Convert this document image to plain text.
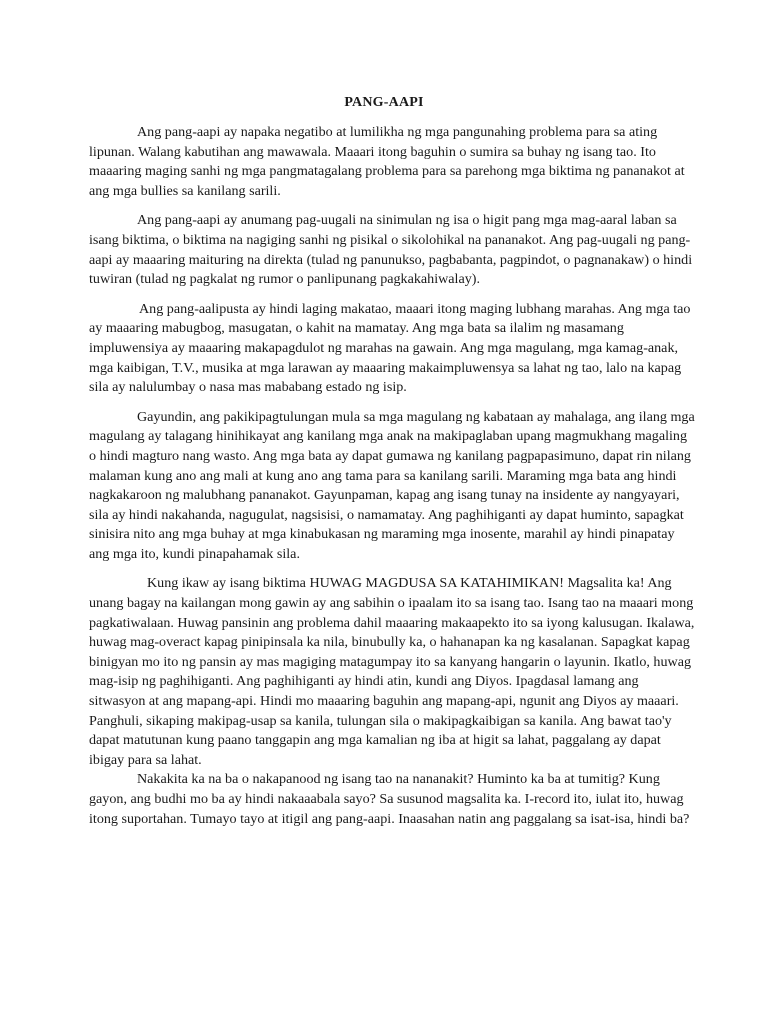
PANG-AAPI

Ang pang-aapi ay napaka negatibo at lumilikha ng mga pangunahing problema para sa ating lipunan. Walang kabutihan ang mawawala. Maaari itong baguhin o sumira sa buhay ng isang tao. Ito maaaring maging sanhi ng mga pangmatagalang problema para sa parehong mga biktima ng pananakot at ang mga bullies sa kanilang sarili.

Ang pang-aapi ay anumang pag-uugali na sinimulan ng isa o higit pang mga mag-aaral laban sa isang biktima, o biktima na nagiging sanhi ng pisikal o sikolohikal na pananakot. Ang pag-uugali ng pang-aapi ay maaaring maituring na direkta (tulad ng panunukso, pagbabanta, pagpindot, o pagnanakaw) o hindi tuwiran (tulad ng pagkalat ng rumor o panlipunang pagkakahiwalay).

Ang pang-aalipusta ay hindi laging makatao, maaari itong maging lubhang marahas. Ang mga tao ay maaaring mabugbog, masugatan, o kahit na mamatay. Ang mga bata sa ilalim ng masamang impluwensiya ay maaaring makapagdulot ng marahas na gawain. Ang mga magulang, mga kamag-anak, mga kaibigan, T.V., musika at mga larawan ay maaaring makaimpluwensya sa lahat ng tao, lalo na kapag sila ay nalulumbay o nasa mas mababang estado ng isip.

Gayundin, ang pakikipagtulungan mula sa mga magulang ng kabataan ay mahalaga, ang ilang mga magulang ay talagang hinihikayat ang kanilang mga anak na makipaglaban upang magmukhang magaling o hindi magturo nang wasto. Ang mga bata ay dapat gumawa ng kanilang pagpapasimuno, dapat rin nilang malaman kung ano ang mali at kung ano ang tama para sa kanilang sarili. Maraming mga bata ang hindi nagkakaroon ng malubhang pananakot. Gayunpaman, kapag ang isang tunay na insidente ay nangyayari, sila ay hindi nakahanda, nagugulat, nagsisisi, o namamatay. Ang paghihiganti ay dapat huminto, sapagkat sinisira nito ang mga buhay at mga kinabukasan ng maraming mga inosente, marahil ay hindi pinapatay ang mga ito, kundi pinapahamak sila.

Kung ikaw ay isang biktima HUWAG MAGDUSA SA KATAHIMIKAN! Magsalita ka! Ang unang bagay na kailangan mong gawin ay ang sabihin o ipaalam ito sa isang tao. Isang tao na maaari mong pagkatiwalaan. Huwag pansinin ang problema dahil maaaring makaapekto ito sa iyong kalusugan. Ikalawa, huwag mag-overact kapag pinipinsala ka nila, binubully ka, o hahanapan ka ng kasalanan. Sapagkat kapag binigyan mo ito ng pansin ay mas magiging matagumpay ito sa kanyang hangarin o layunin. Ikatlo, huwag mag-isip ng paghihiganti. Ang paghihiganti ay hindi atin, kundi ang Diyos. Ipagdasal lamang ang sitwasyon at ang mapang-api. Hindi mo maaaring baguhin ang mapang-api, ngunit ang Diyos ay maaari. Panghuli, sikaping makipag-usap sa kanila, tulungan sila o makipagkaibigan sa kanila. Ang bawat tao'y dapat matutunan kung paano tanggapin ang mga kamalian ng iba at higit sa lahat, paggalang ay dapat ibigay para sa lahat.

Nakakita ka na ba o nakapanood ng isang tao na nananakit? Huminto ka ba at tumitig? Kung gayon, ang budhi mo ba ay hindi nakaaabala sayo? Sa susunod magsalita ka. I-record ito, iulat ito, huwag itong suportahan. Tumayo tayo at itigil ang pang-aapi. Inaasahan natin ang paggalang sa isat-isa, hindi ba?
